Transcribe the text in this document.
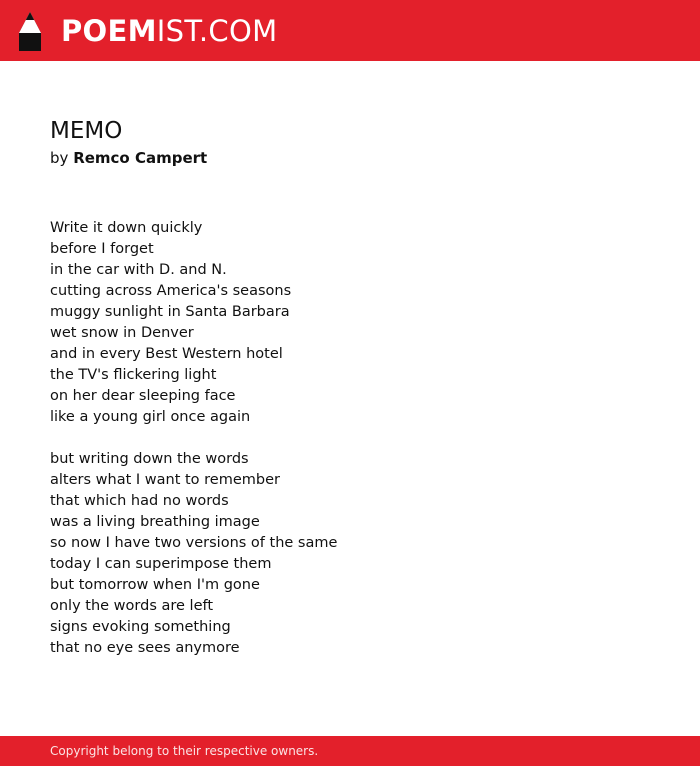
POEMIST.COM
MEMO
by Remco Campert
Write it down quickly
before I forget
in the car with D. and N.
cutting across America's seasons
muggy sunlight in Santa Barbara
wet snow in Denver
and in every Best Western hotel
the TV's flickering light
on her dear sleeping face
like a young girl once again
but writing down the words
alters what I want to remember
that which had no words
was a living breathing image
so now I have two versions of the same
today I can superimpose them
but tomorrow when I'm gone
only the words are left
signs evoking something
that no eye sees anymore
Copyright belong to their respective owners.
